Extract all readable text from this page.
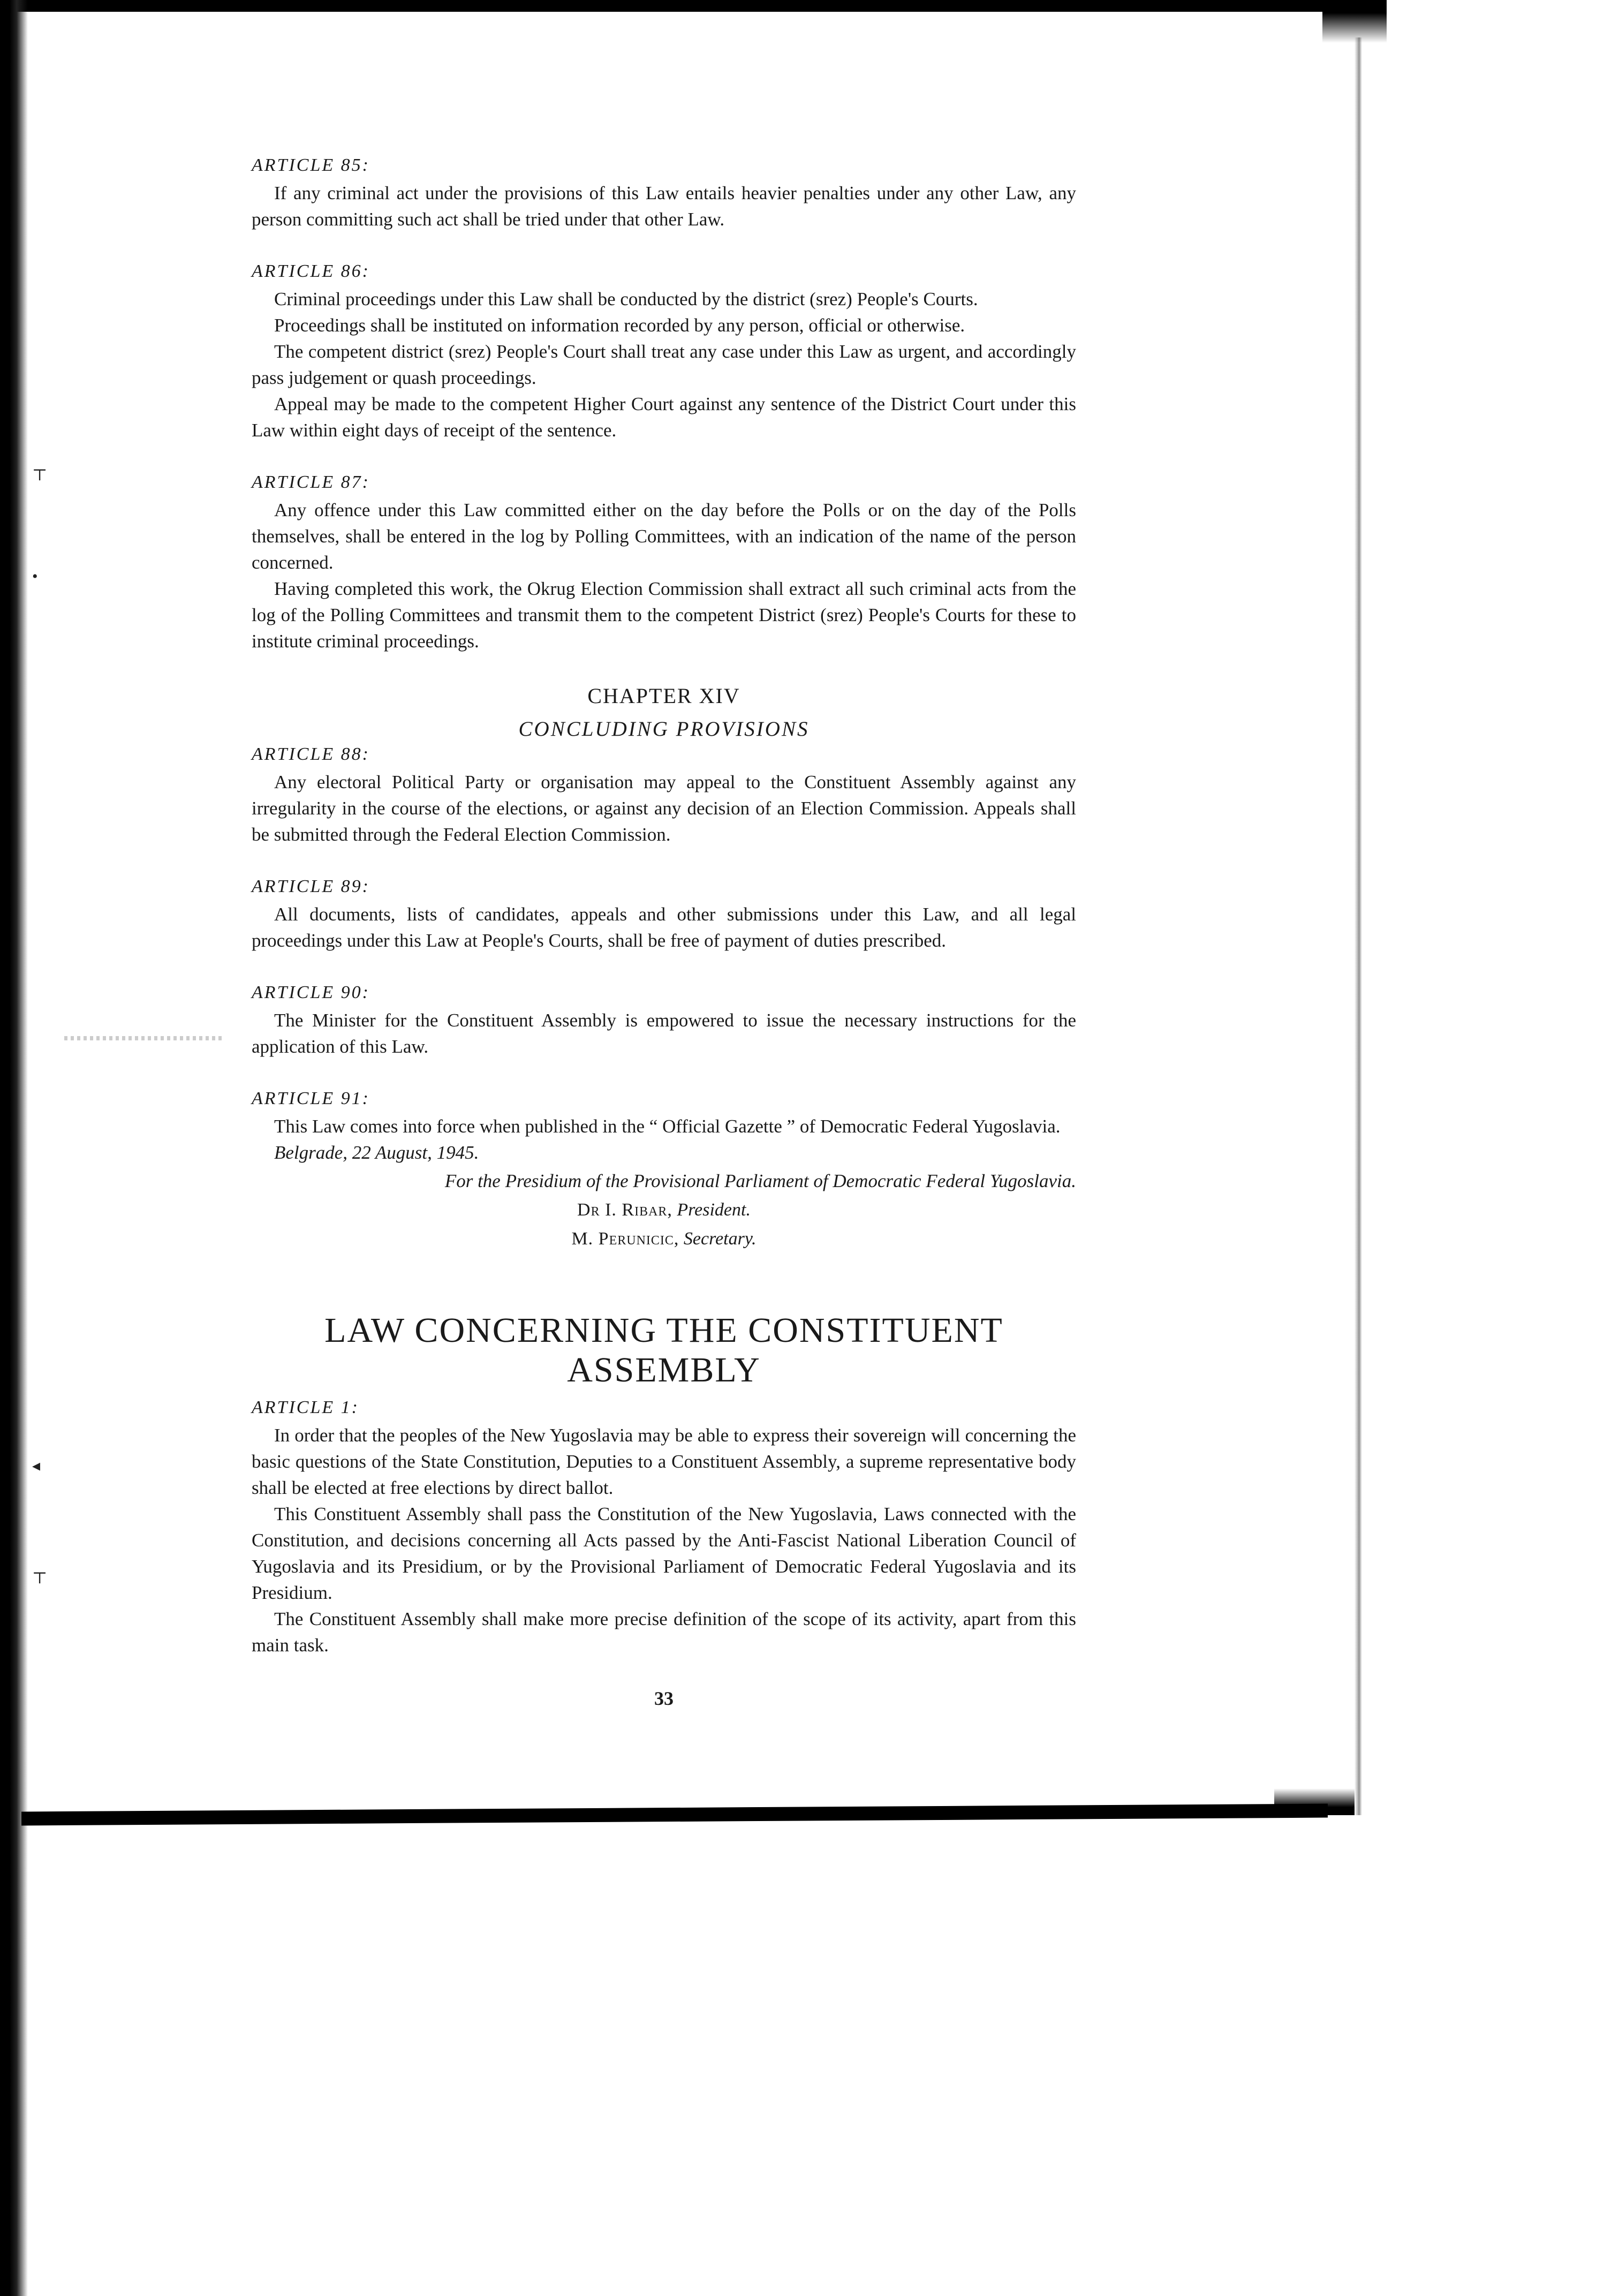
⊤
•
◂
⊤
ARTICLE 85:

If any criminal act under the provisions of this Law entails heavier penalties under any other Law, any person committing such act shall be tried under that other Law.

ARTICLE 86:

Criminal proceedings under this Law shall be conducted by the district (srez) People's Courts.

Proceedings shall be instituted on information recorded by any person, official or otherwise.

The competent district (srez) People's Court shall treat any case under this Law as urgent, and accordingly pass judgement or quash proceedings.

Appeal may be made to the competent Higher Court against any sentence of the District Court under this Law within eight days of receipt of the sentence.

ARTICLE 87:

Any offence under this Law committed either on the day before the Polls or on the day of the Polls themselves, shall be entered in the log by Polling Committees, with an indication of the name of the person concerned.

Having completed this work, the Okrug Election Commission shall extract all such criminal acts from the log of the Polling Committees and transmit them to the competent District (srez) People's Courts for these to institute criminal proceedings.

CHAPTER XIV
CONCLUDING PROVISIONS
ARTICLE 88:

Any electoral Political Party or organisation may appeal to the Constituent Assembly against any irregularity in the course of the elections, or against any decision of an Election Commission. Appeals shall be submitted through the Federal Election Commission.

ARTICLE 89:

All documents, lists of candidates, appeals and other submissions under this Law, and all legal proceedings under this Law at People's Courts, shall be free of payment of duties prescribed.

ARTICLE 90:

The Minister for the Constituent Assembly is empowered to issue the necessary instructions for the application of this Law.

ARTICLE 91:

This Law comes into force when published in the “ Official Gazette ” of Democratic Federal Yugoslavia.

Belgrade, 22 August, 1945.

For the Presidium of the Provisional Parliament of Democratic Federal Yugoslavia.

Dr I. Ribar, President.

M. Perunicic, Secretary.

LAW CONCERNING THE CONSTITUENT
ASSEMBLY
ARTICLE 1:

In order that the peoples of the New Yugoslavia may be able to express their sovereign will concerning the basic questions of the State Constitution, Deputies to a Constituent Assembly, a supreme representative body shall be elected at free elections by direct ballot.

This Constituent Assembly shall pass the Constitution of the New Yugoslavia, Laws connected with the Constitution, and decisions concerning all Acts passed by the Anti-Fascist National Liberation Council of Yugoslavia and its Presidium, or by the Provisional Parliament of Democratic Federal Yugoslavia and its Presidium.

The Constituent Assembly shall make more precise definition of the scope of its activity, apart from this main task.

33
